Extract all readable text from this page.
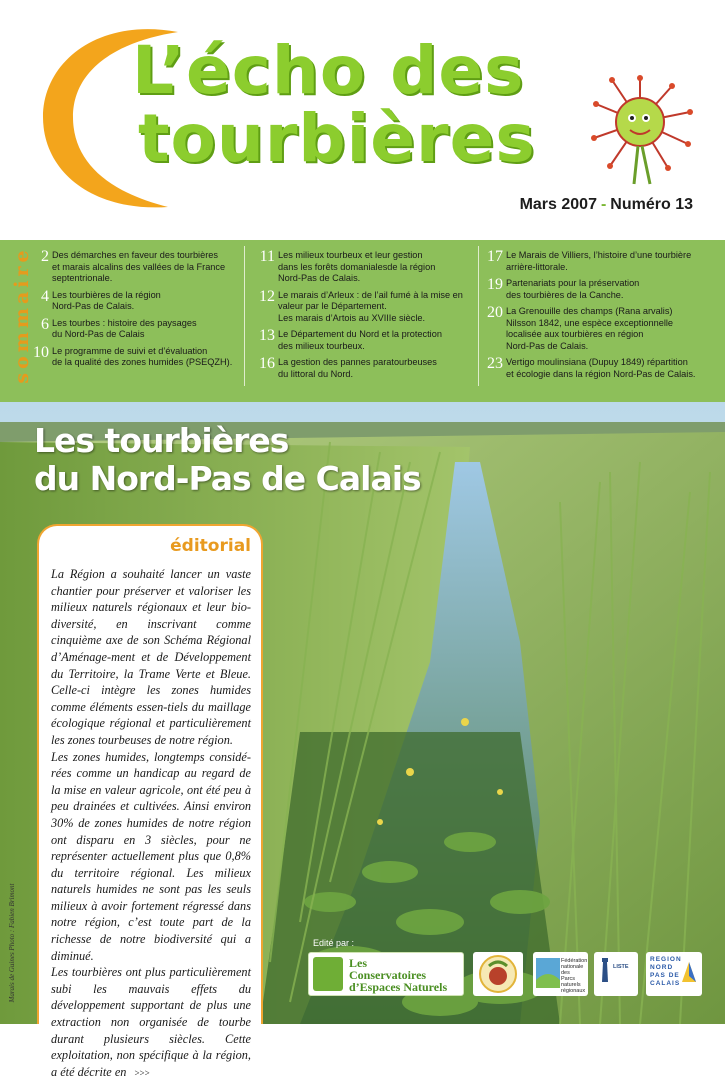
L’écho des
tourbières
Mars 2007 - Numéro 13
sommaire 2 Des démarches en faveur des tourbières
et marais alcalins des vallées de la France
septentrionale.
4 Les tourbières de la région
Nord-Pas de Calais.
6 Les tourbes : histoire des paysages
du Nord-Pas de Calais
10 Le programme de suivi et d’évaluation
de la qualité des zones humides (PSEQZH).
11 Les milieux tourbeux et leur gestion
dans les forêts domanialesde la région
Nord-Pas de Calais.
12 Le marais d’Arleux : de l’ail fumé à la mise en
valeur par le Département.
Les marais d’Artois au XVIIIe siècle.
13 Le Département du Nord et la protection
des milieux tourbeux.
16 La gestion des pannes paratourbeuses
du littoral du Nord.
17 Le Marais de Villiers, l’histoire d’une tourbière
arrière-littorale.
19 Partenariats pour la préservation
des tourbières de la Canche.
20 La Grenouille des champs (Rana arvalis)
Nilsson 1842, une espèce exceptionnelle
localisée aux tourbières en région
Nord-Pas de Calais.
23 Vertigo moulinsiana (Dupuy 1849) répartition
et écologie dans la région Nord-Pas de Calais.
Les tourbières
du Nord-Pas de Calais
éditorial

La Région a souhaité lancer un vaste chantier pour préserver et valoriser les milieux naturels régionaux et leur bio-diversité, en inscrivant comme cinquième axe de son Schéma Régional d’Aménage-ment et de Développement du Territoire, la Trame Verte et Bleue. Celle-ci intègre les zones humides comme éléments essen-tiels du maillage écologique régional et particulièrement les zones tourbeuses de notre région.

Les zones humides, longtemps considé-rées comme un handicap au regard de la mise en valeur agricole, ont été peu à peu drainées et cultivées. Ainsi environ 30% de zones humides de notre région ont disparu en 3 siècles, pour ne représenter actuellement plus que 0,8% du territoire régional. Les milieux naturels humides ne sont pas les seuls milieux à avoir fortement régressé dans notre région, c’est toute part de la richesse de notre biodiversité qui a diminué.

Les tourbières ont plus particulièrement subi les mauvais effets du développement supportant de plus une extraction non organisée de tourbe durant plusieurs siècles. Cette exploitation, non spécifique à la région, a été décrite en >>>

Marais de Guines Photo : Fabien Brimont	Edité par :
Les
Conservatoires
d’Espaces Naturels
Fédération
nationale des
Parcs naturels
régionaux
LISTE
REGION
NORD
PAS DE CALAIS
